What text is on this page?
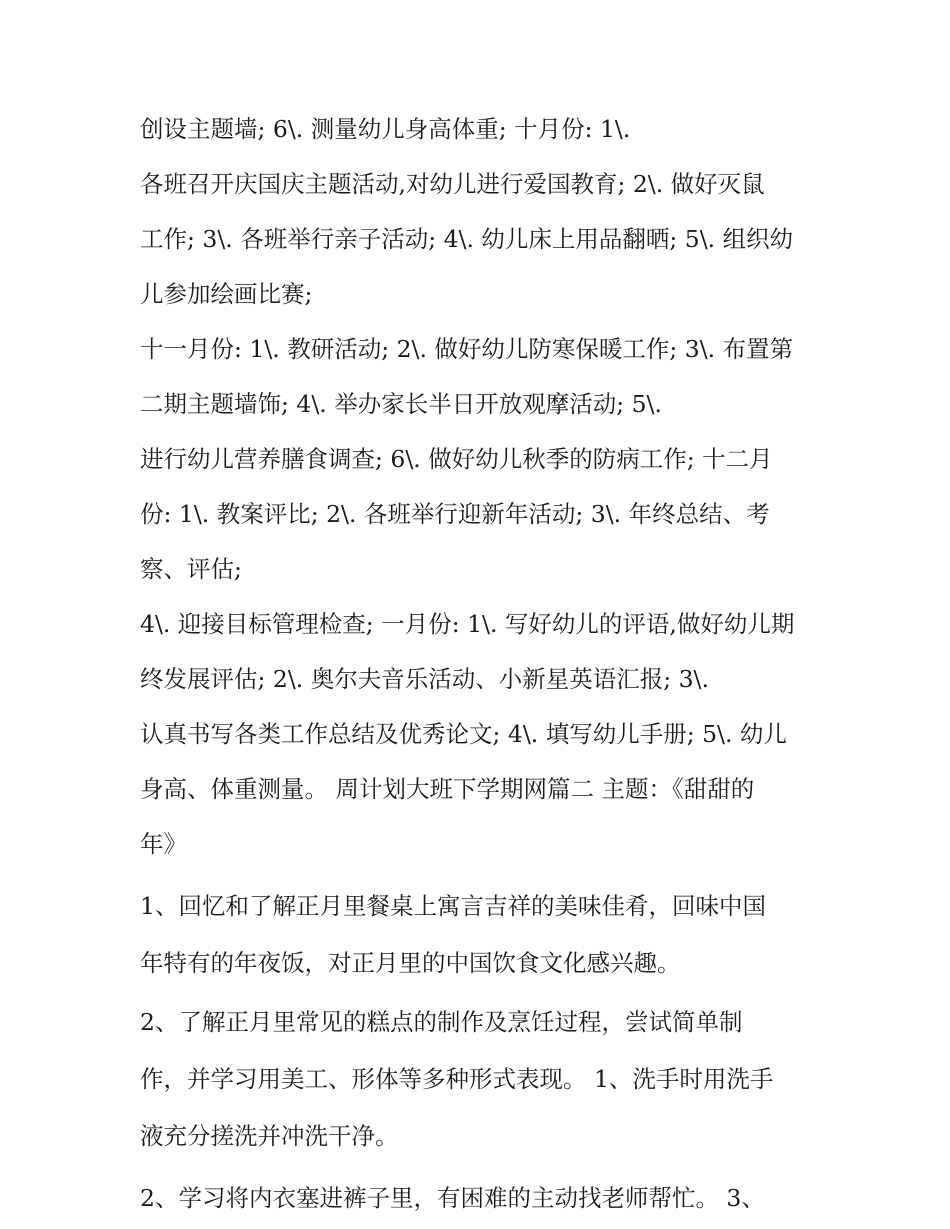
创设主题墙; 6\. 测量幼儿身高体重; 十月份: 1\.

各班召开庆国庆主题活动,对幼儿进行爱国教育; 2\. 做好灭鼠

工作; 3\. 各班举行亲子活动; 4\. 幼儿床上用品翻晒; 5\. 组织幼

儿参加绘画比赛;

十一月份: 1\. 教研活动; 2\. 做好幼儿防寒保暖工作; 3\. 布置第

二期主题墙饰; 4\. 举办家长半日开放观摩活动; 5\.

进行幼儿营养膳食调查; 6\. 做好幼儿秋季的防病工作; 十二月

份: 1\. 教案评比; 2\. 各班举行迎新年活动; 3\. 年终总结、考

察、评估;

4\. 迎接目标管理检查; 一月份: 1\. 写好幼儿的评语,做好幼儿期

终发展评估; 2\. 奥尔夫音乐活动、小新星英语汇报; 3\.

认真书写各类工作总结及优秀论文; 4\. 填写幼儿手册; 5\. 幼儿

身高、体重测量。 周计划大班下学期网篇二 主题：《甜甜的

年》

1、回忆和了解正月里餐桌上寓言吉祥的美味佳肴，回味中国

年特有的年夜饭，对正月里的中国饮食文化感兴趣。

2、了解正月里常见的糕点的制作及烹饪过程，尝试简单制

作，并学习用美工、形体等多种形式表现。 1、洗手时用洗手

液充分搓洗并冲洗干净。

2、学习将内衣塞进裤子里，有困难的主动找老师帮忙。 3、
